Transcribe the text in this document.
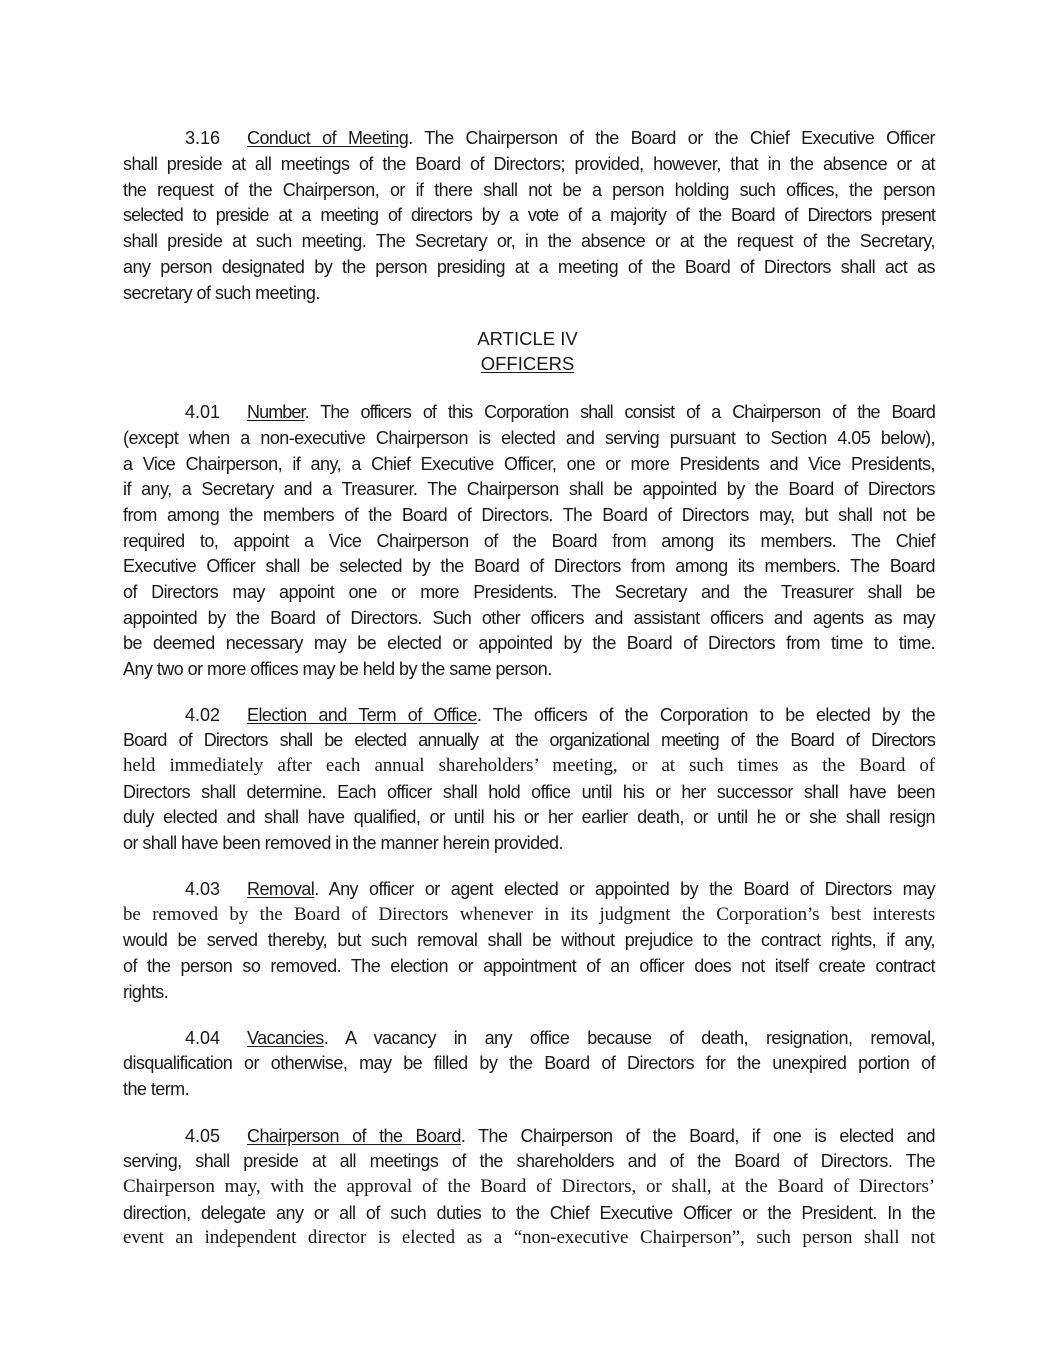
3.16 Conduct of Meeting. The Chairperson of the Board or the Chief Executive Officer
shall preside at all meetings of the Board of Directors; provided, however, that in the absence or at
the request of the Chairperson, or if there shall not be a person holding such offices, the person
selected to preside at a meeting of directors by a vote of a majority of the Board of Directors present
shall preside at such meeting. The Secretary or, in the absence or at the request of the Secretary,
any person designated by the person presiding at a meeting of the Board of Directors shall act as
secretary of such meeting.
ARTICLE IV
OFFICERS
4.01 Number. The officers of this Corporation shall consist of a Chairperson of the Board
(except when a non-executive Chairperson is elected and serving pursuant to Section 4.05 below),
a Vice Chairperson, if any, a Chief Executive Officer, one or more Presidents and Vice Presidents,
if any, a Secretary and a Treasurer. The Chairperson shall be appointed by the Board of Directors
from among the members of the Board of Directors. The Board of Directors may, but shall not be
required to, appoint a Vice Chairperson of the Board from among its members. The Chief
Executive Officer shall be selected by the Board of Directors from among its members. The Board
of Directors may appoint one or more Presidents. The Secretary and the Treasurer shall be
appointed by the Board of Directors. Such other officers and assistant officers and agents as may
be deemed necessary may be elected or appointed by the Board of Directors from time to time.
Any two or more offices may be held by the same person.
4.02 Election and Term of Office. The officers of the Corporation to be elected by the
Board of Directors shall be elected annually at the organizational meeting of the Board of Directors
held immediately after each annual shareholders’ meeting, or at such times as the Board of
Directors shall determine. Each officer shall hold office until his or her successor shall have been
duly elected and shall have qualified, or until his or her earlier death, or until he or she shall resign
or shall have been removed in the manner herein provided.
4.03 Removal. Any officer or agent elected or appointed by the Board of Directors may
be removed by the Board of Directors whenever in its judgment the Corporation’s best interests
would be served thereby, but such removal shall be without prejudice to the contract rights, if any,
of the person so removed. The election or appointment of an officer does not itself create contract
rights.
4.04 Vacancies. A vacancy in any office because of death, resignation, removal,
disqualification or otherwise, may be filled by the Board of Directors for the unexpired portion of
the term.
4.05 Chairperson of the Board. The Chairperson of the Board, if one is elected and
serving, shall preside at all meetings of the shareholders and of the Board of Directors. The
Chairperson may, with the approval of the Board of Directors, or shall, at the Board of Directors’
direction, delegate any or all of such duties to the Chief Executive Officer or the President. In the
event an independent director is elected as a “non-executive Chairperson”, such person shall not
